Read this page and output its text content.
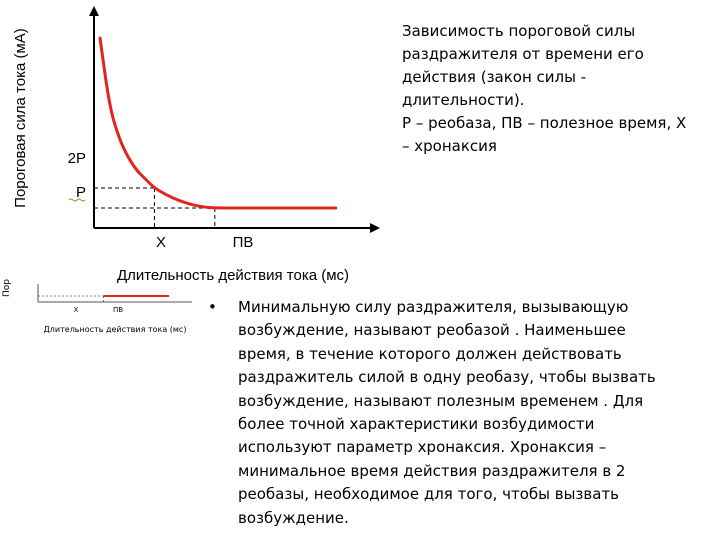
2P
P
Х	ПВ
Пороговая сила тока (мА)
Длительность действия тока (мс)
Х	ПВ
Длительность действия тока (мс)
Пор
Зависимость пороговой силы
раздражителя от времени его
действия (закон силы -
длительности).
Р – реобаза, ПВ – полезное время, Х
– хронаксия
• Минимальную силу раздражителя, вызывающую
возбуждение, называют реобазой . Наименьшее
время, в течение которого должен действовать
раздражитель силой в одну реобазу, чтобы вызвать
возбуждение, называют полезным временем . Для
более точной характеристики возбудимости
используют параметр хронаксия. Хронаксия –
минимальное время действия раздражителя в 2
реобазы, необходимое для того, чтобы вызвать
возбуждение.
